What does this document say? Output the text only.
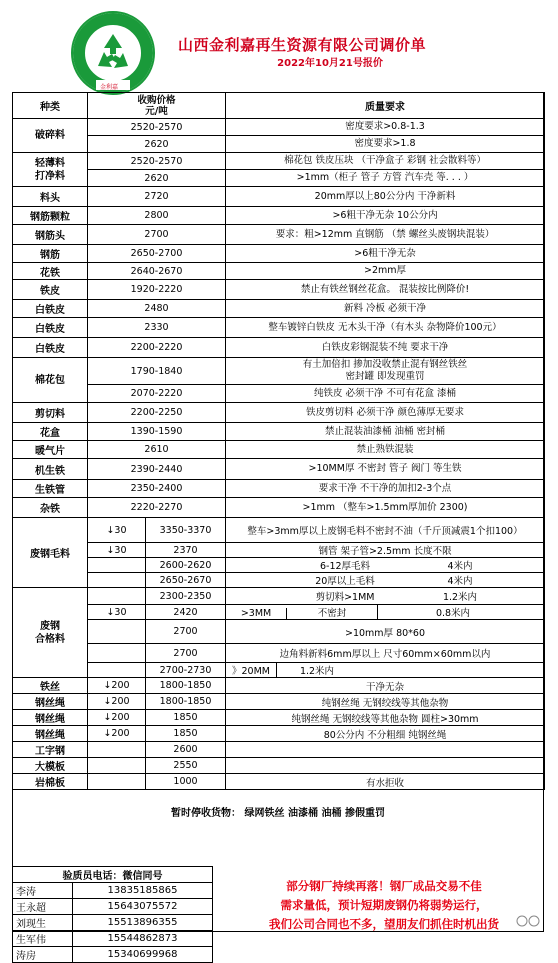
山西金利嘉再生资源有限公司调价单
2022年10月21号报价
金利嘉
种类	收购价格
元/吨		质量要求
破碎料	2520-2570		密度要求>0.8-1.3
	2620		密度要求>1.8
轻薄料
打净料	2520-2570		棉花包 铁皮压块 （干净盒子 彩钢 社会散料等）
	2620		>1mm（柜子 管子 方管 汽车壳 等. . . ）
料头	2720		20mm厚以上80公分内 干净新料
钢筋颗粒	2800		>6粗干净无杂 10公分内
钢筋头	2700		要求：粗>12mm 直钢筋 （禁 螺丝头废钢块混装）
钢筋	2650-2700		>6粗干净无杂
花铁	2640-2670		>2mm厚
铁皮	1920-2220		禁止有铁丝钢丝花盒。 混装按比例降价!
白铁皮	2480		新料 冷板 必须干净
白铁皮	2330		整车镀锌白铁皮 无木头干净（有木头 杂物降价100元）
白铁皮	2200-2220		白铁皮彩钢混装不纯 要求干净
棉花包	1790-1840		有土加倍扣 掺加没收禁止混有钢丝铁丝
密封罐 即发现重罚
	2070-2220		纯铁皮 必须干净 不可有花盒 漆桶
剪切料	2200-2250		铁皮剪切料 必须干净 颜色薄厚无要求
花盒	1390-1590		禁止混装油漆桶 油桶 密封桶
暖气片	2610		禁止熟铁混装
机生铁	2390-2440		>10MM厚 不密封 管子 阀门 等生铁
生铁管	2350-2400		要求干净 不干净的加扣2-3个点
杂铁	2220-2270		>1mm （整车>1.5mm厚加价 2300)
废钢毛料	↓30	3350-3370	整车>3mm厚以上废钢毛料不密封不油（千斤顶减震1个扣100）
	↓30	2370	钢管 架子管>2.5mm 长度不限
		2600-2620	6-12厚毛料 4米内
		2650-2670	20厚以上毛料 4米内
废钢
合格料		2300-2350	剪切料>1MM 1.2米内
	↓30	2420	>3MM 不密封 0.8米内
		2700	>10mm厚 80*60
		2700	边角料新料6mm厚以上 尺寸60mm×60mm以内
		2700-2730	》20MM 1.2米内
铁丝	↓200	1800-1850	干净无杂
钢丝绳	↓200	1800-1850	纯钢丝绳 无钢绞线等其他杂物
钢丝绳	↓200	1850	纯钢丝绳 无钢绞线等其他杂物 圆柱>30mm
钢丝绳	↓200	1850	80公分内 不分粗细 纯钢丝绳
工字钢		2600	
大模板		2550	
岩棉板		1000	有水拒收
暂时停收货物： 绿网铁丝 油漆桶 油桶 掺假重罚
验质员电话：微信同号	
李涛	13835185865
王永超	15643075572
刘现生	15513896355
生军伟	15544862873
涛房	15340699968
部分钢厂持续再落！钢厂成品交易不佳
需求量低，预计短期废钢仍将弱势运行，
我们公司合同也不多，望朋友们抓住时机出货
